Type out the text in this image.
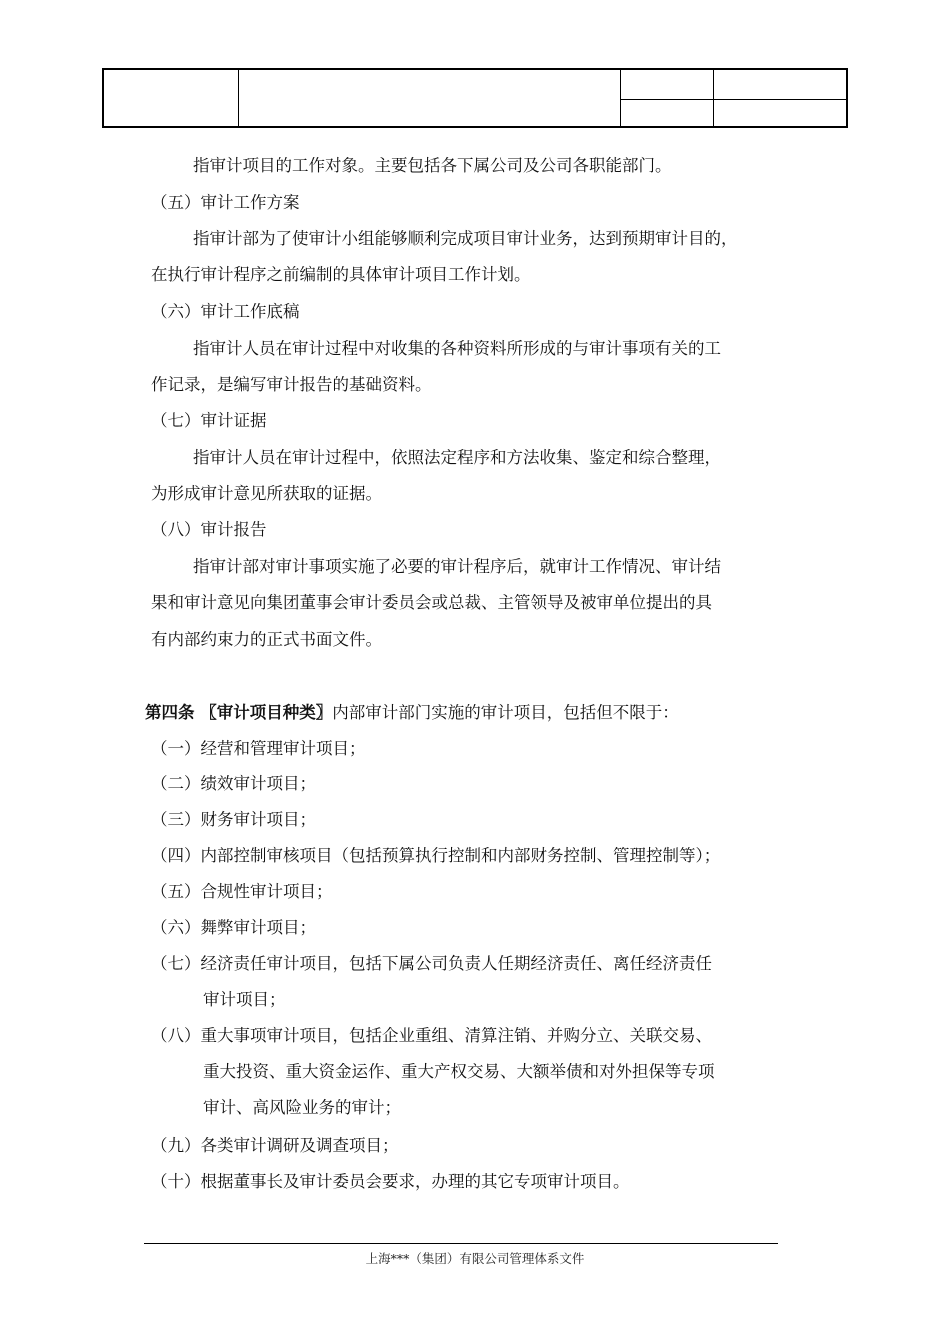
指审计项目的工作对象。主要包括各下属公司及公司各职能部门。
（五）审计工作方案
指审计部为了使审计小组能够顺利完成项目审计业务，达到预期审计目的，
在执行审计程序之前编制的具体审计项目工作计划。
（六）审计工作底稿
指审计人员在审计过程中对收集的各种资料所形成的与审计事项有关的工
作记录，是编写审计报告的基础资料。
（七）审计证据
指审计人员在审计过程中，依照法定程序和方法收集、鉴定和综合整理，
为形成审计意见所获取的证据。
（八）审计报告
指审计部对审计事项实施了必要的审计程序后，就审计工作情况、审计结
果和审计意见向集团董事会审计委员会或总裁、主管领导及被审单位提出的具
有内部约束力的正式书面文件。
第四条 〖审计项目种类〗内部审计部门实施的审计项目，包括但不限于：
（一）经营和管理审计项目；
（二）绩效审计项目；
（三）财务审计项目；
（四）内部控制审核项目（包括预算执行控制和内部财务控制、管理控制等）；
（五）合规性审计项目；
（六）舞弊审计项目；
（七）经济责任审计项目，包括下属公司负责人任期经济责任、离任经济责任
审计项目；
（八）重大事项审计项目，包括企业重组、清算注销、并购分立、关联交易、
重大投资、重大资金运作、重大产权交易、大额举债和对外担保等专项
审计、高风险业务的审计；
（九）各类审计调研及调查项目；
（十）根据董事长及审计委员会要求，办理的其它专项审计项目。
上海***（集团）有限公司管理体系文件
